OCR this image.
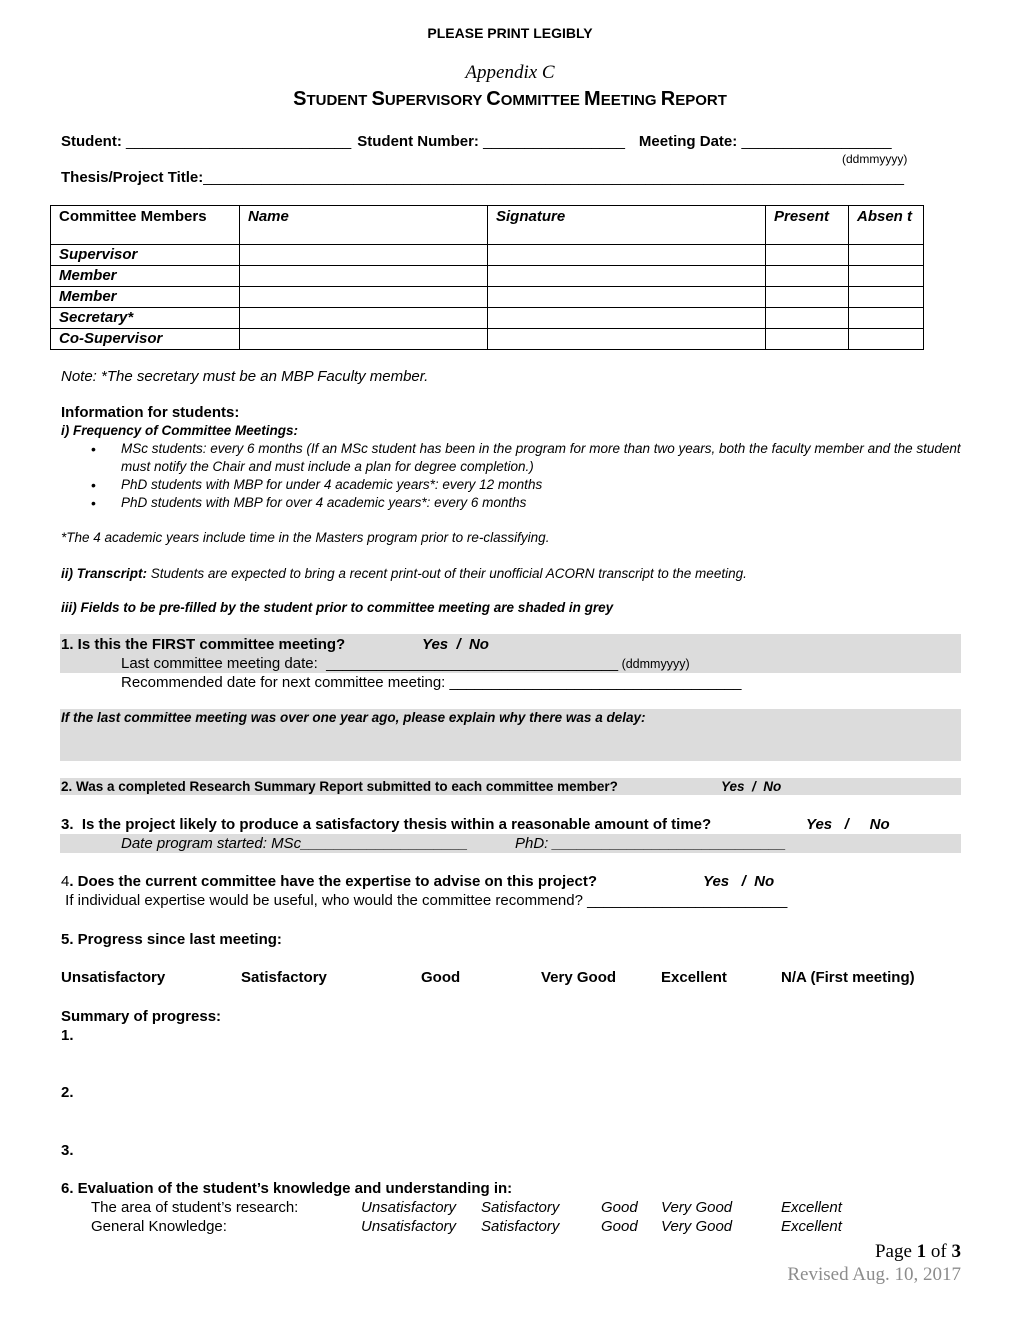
PLEASE PRINT LEGIBLY
Appendix C
STUDENT SUPERVISORY COMMITTEE MEETING REPORT
Student: ___________________________ Student Number: _________________ Meeting Date: __________________
(ddmmyyyy)
Thesis/Project Title:____________________________________________________________________________________
Committee Members	Name	Signature	Present	Absen t
Supervisor				
Member				
Member				
Secretary*				
Co-Supervisor				
Note: *The secretary must be an MBP Faculty member.
Information for students:
i) Frequency of Committee Meetings:
• MSc students: every 6 months (If an MSc student has been in the program for more than two years, both the faculty member and the student must notify the Chair and must include a plan for degree completion.)
• PhD students with MBP for under 4 academic years*: every 12 months
• PhD students with MBP for over 4 academic years*: every 6 months
*The 4 academic years include time in the Masters program prior to re-classifying.
ii) Transcript: Students are expected to bring a recent print-out of their unofficial ACORN transcript to the meeting.
iii) Fields to be pre-filled by the student prior to committee meeting are shaded in grey
1. Is this the FIRST committee meeting?	Yes  /  No
Last committee meeting date:  ___________________________________ (ddmmyyyy)
Recommended date for next committee meeting: ___________________________________
If the last committee meeting was over one year ago, please explain why there was a delay:
2. Was a completed Research Summary Report submitted to each committee member?	Yes  /  No
3.  Is the project likely to produce a satisfactory thesis within a reasonable amount of time?	Yes   /     No
Date program started: MSc____________________	PhD: ____________________________
4. Does the current committee have the expertise to advise on this project?	Yes   /  No
If individual expertise would be useful, who would the committee recommend? ________________________
5. Progress since last meeting:
Unsatisfactory	Satisfactory	Good	Very Good	Excellent	N/A (First meeting)
Summary of progress:
1.
2.
3.
6. Evaluation of the student’s knowledge and understanding in:
The area of student’s research:	Unsatisfactory Satisfactory	Good Very Good	Excellent
General Knowledge:	Unsatisfactory Satisfactory	Good Very Good	Excellent
Page 1 of 3
Revised Aug. 10, 2017
